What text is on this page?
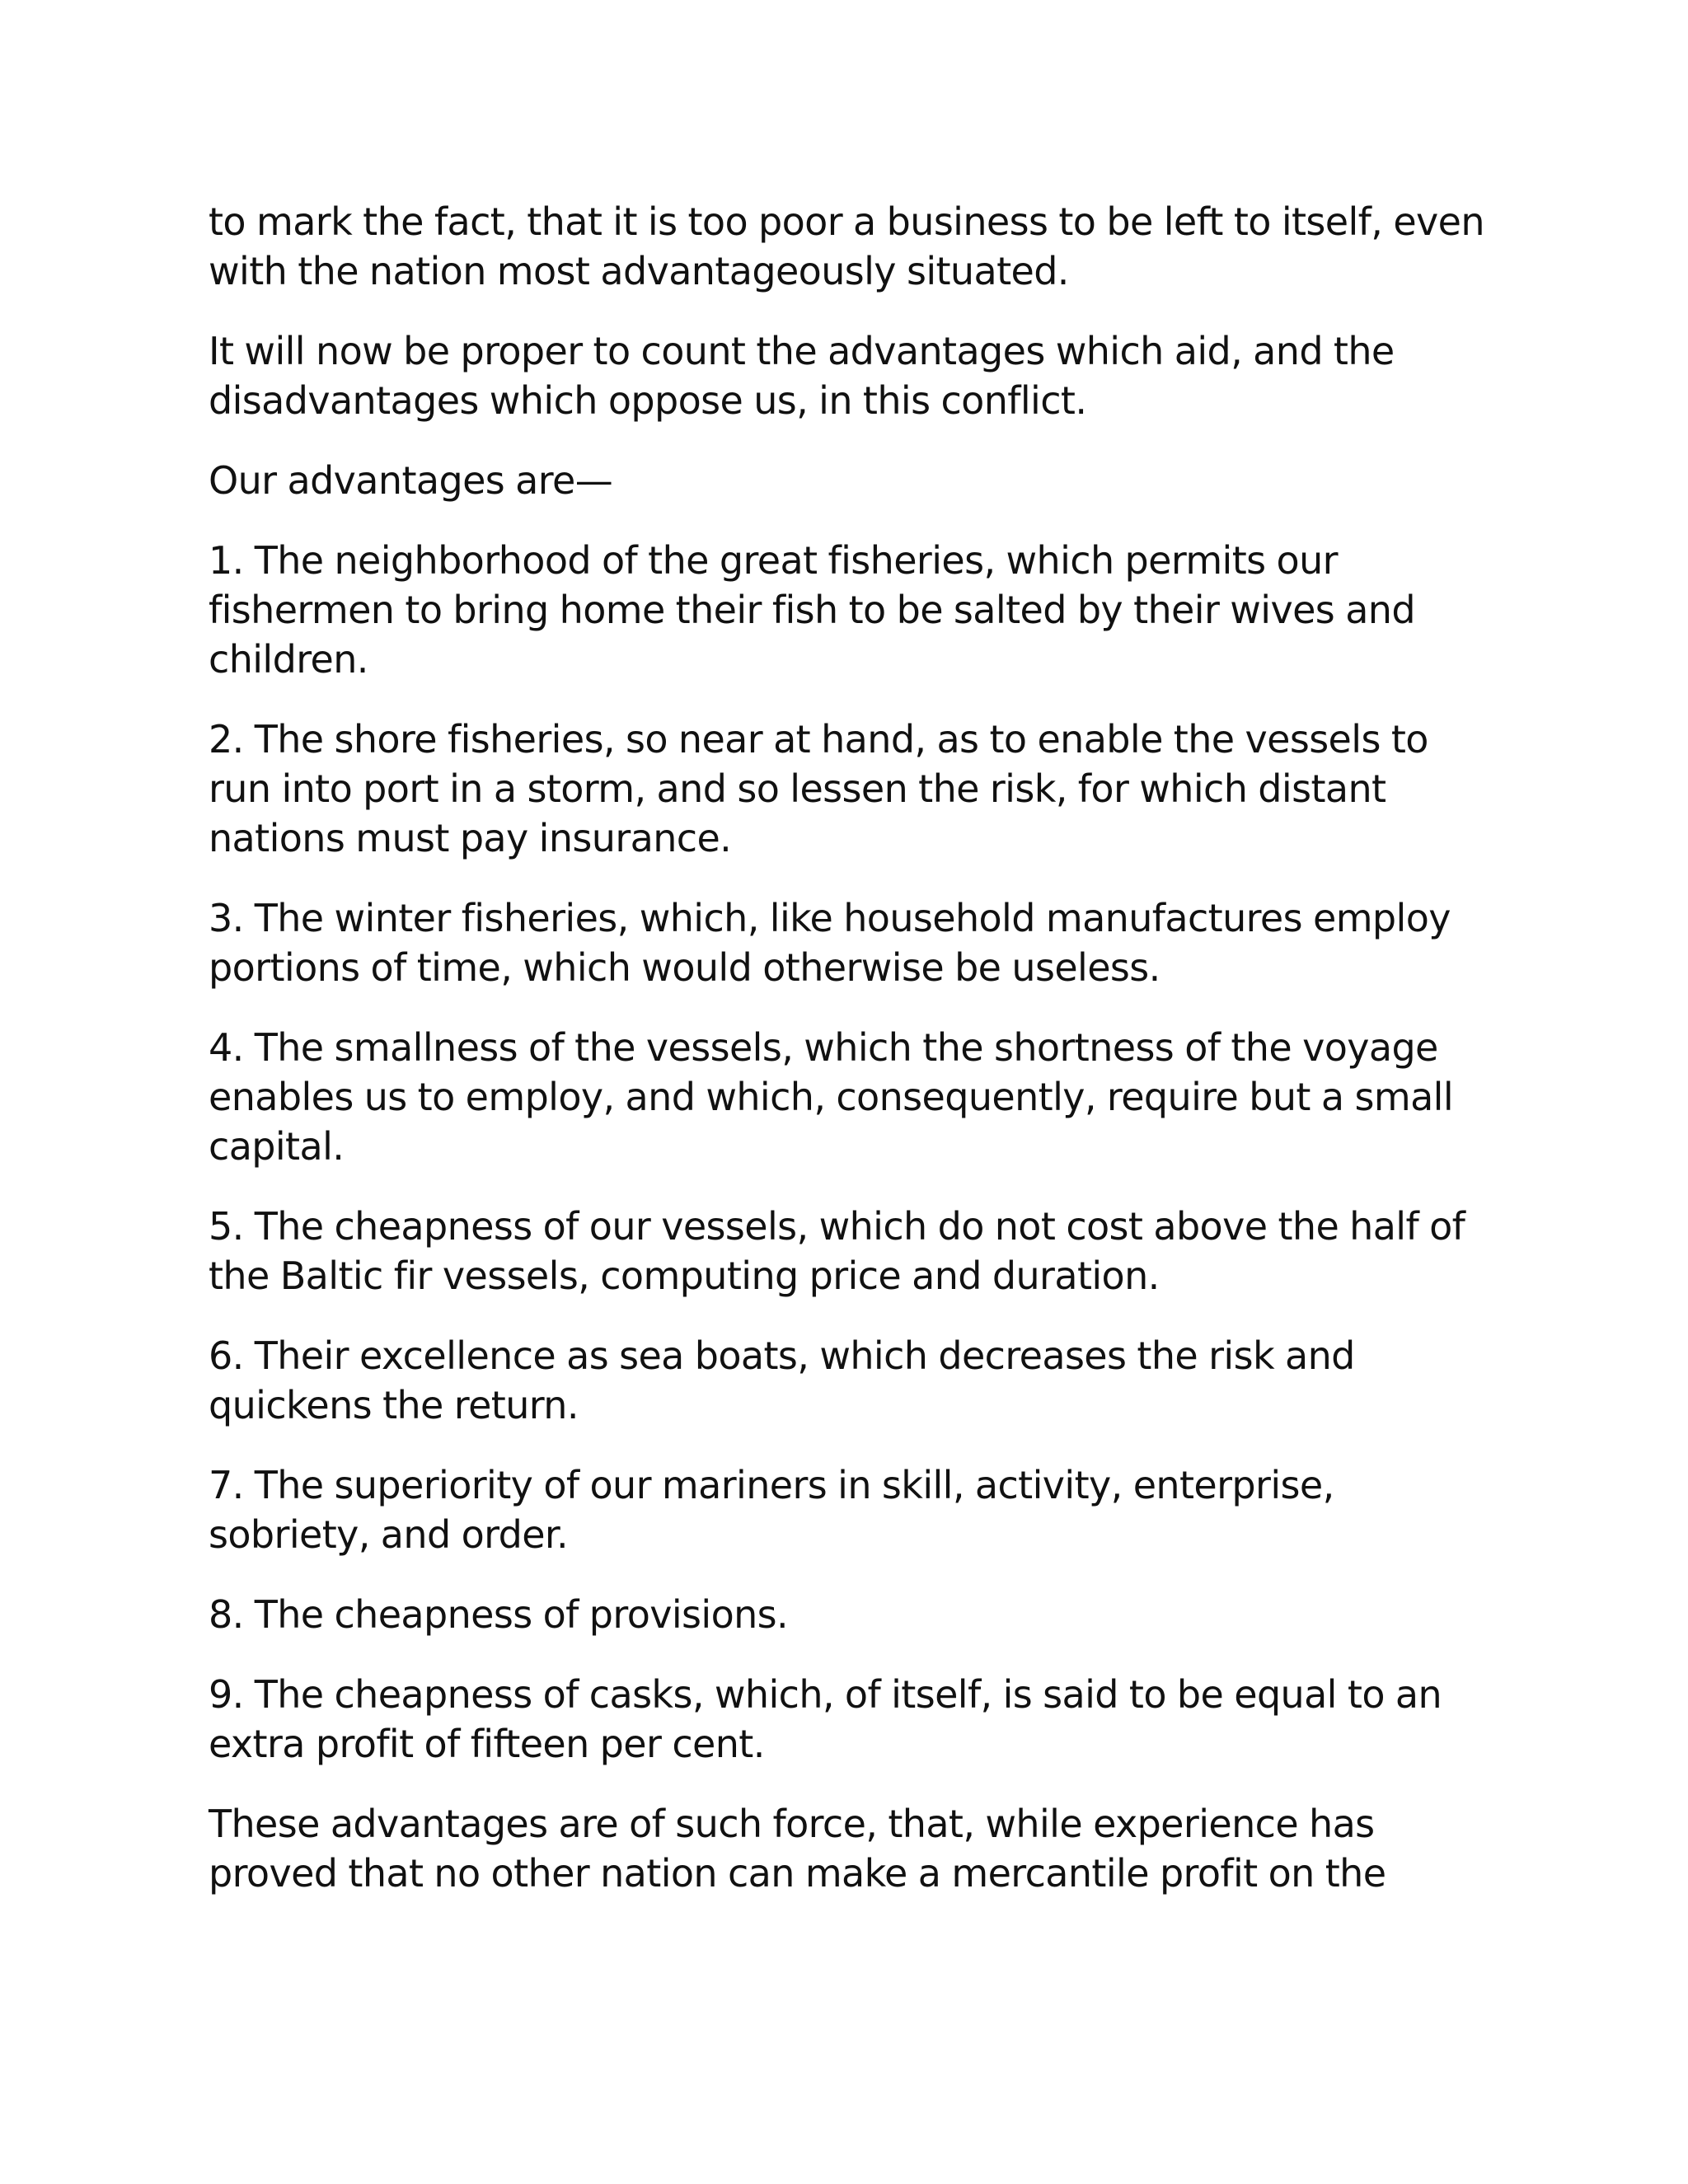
to mark the fact, that it is too poor a business to be left to itself, even with the nation most advantageously situated.

It will now be proper to count the advantages which aid, and the disadvantages which oppose us, in this conflict.

Our advantages are—

1. The neighborhood of the great fisheries, which permits our fishermen to bring home their fish to be salted by their wives and children.

2. The shore fisheries, so near at hand, as to enable the vessels to run into port in a storm, and so lessen the risk, for which distant nations must pay insurance.

3. The winter fisheries, which, like household manufactures employ portions of time, which would otherwise be useless.

4. The smallness of the vessels, which the shortness of the voyage enables us to employ, and which, consequently, require but a small capital.

5. The cheapness of our vessels, which do not cost above the half of the Baltic fir vessels, computing price and duration.

6. Their excellence as sea boats, which decreases the risk and quickens the return.

7. The superiority of our mariners in skill, activity, enterprise, sobriety, and order.

8. The cheapness of provisions.

9. The cheapness of casks, which, of itself, is said to be equal to an extra profit of fifteen per cent.

These advantages are of such force, that, while experience has proved that no other nation can make a mercantile profit on the
